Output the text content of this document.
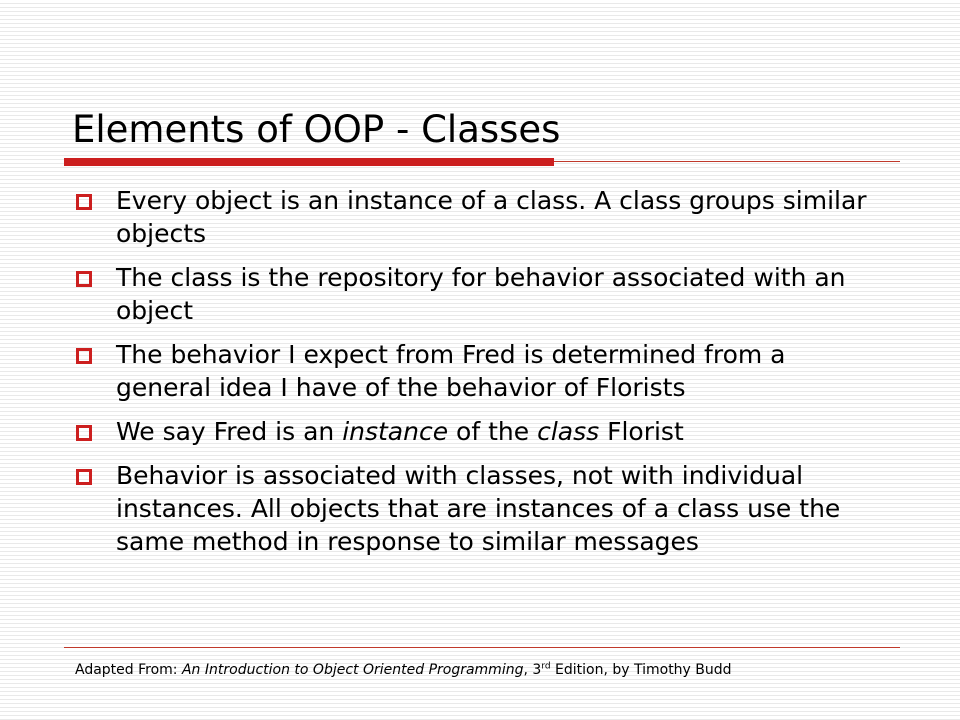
Elements of OOP - Classes
Every object is an instance of a class. A class groups similar objects
The class is the repository for behavior associated with an object
The behavior I expect from Fred is determined from a general idea I have of the behavior of Florists
We say Fred is an instance of the class Florist
Behavior is associated with classes, not with individual instances. All objects that are instances of a class use the same method in response to similar messages
Adapted From: An Introduction to Object Oriented Programming, 3rd Edition, by Timothy Budd
